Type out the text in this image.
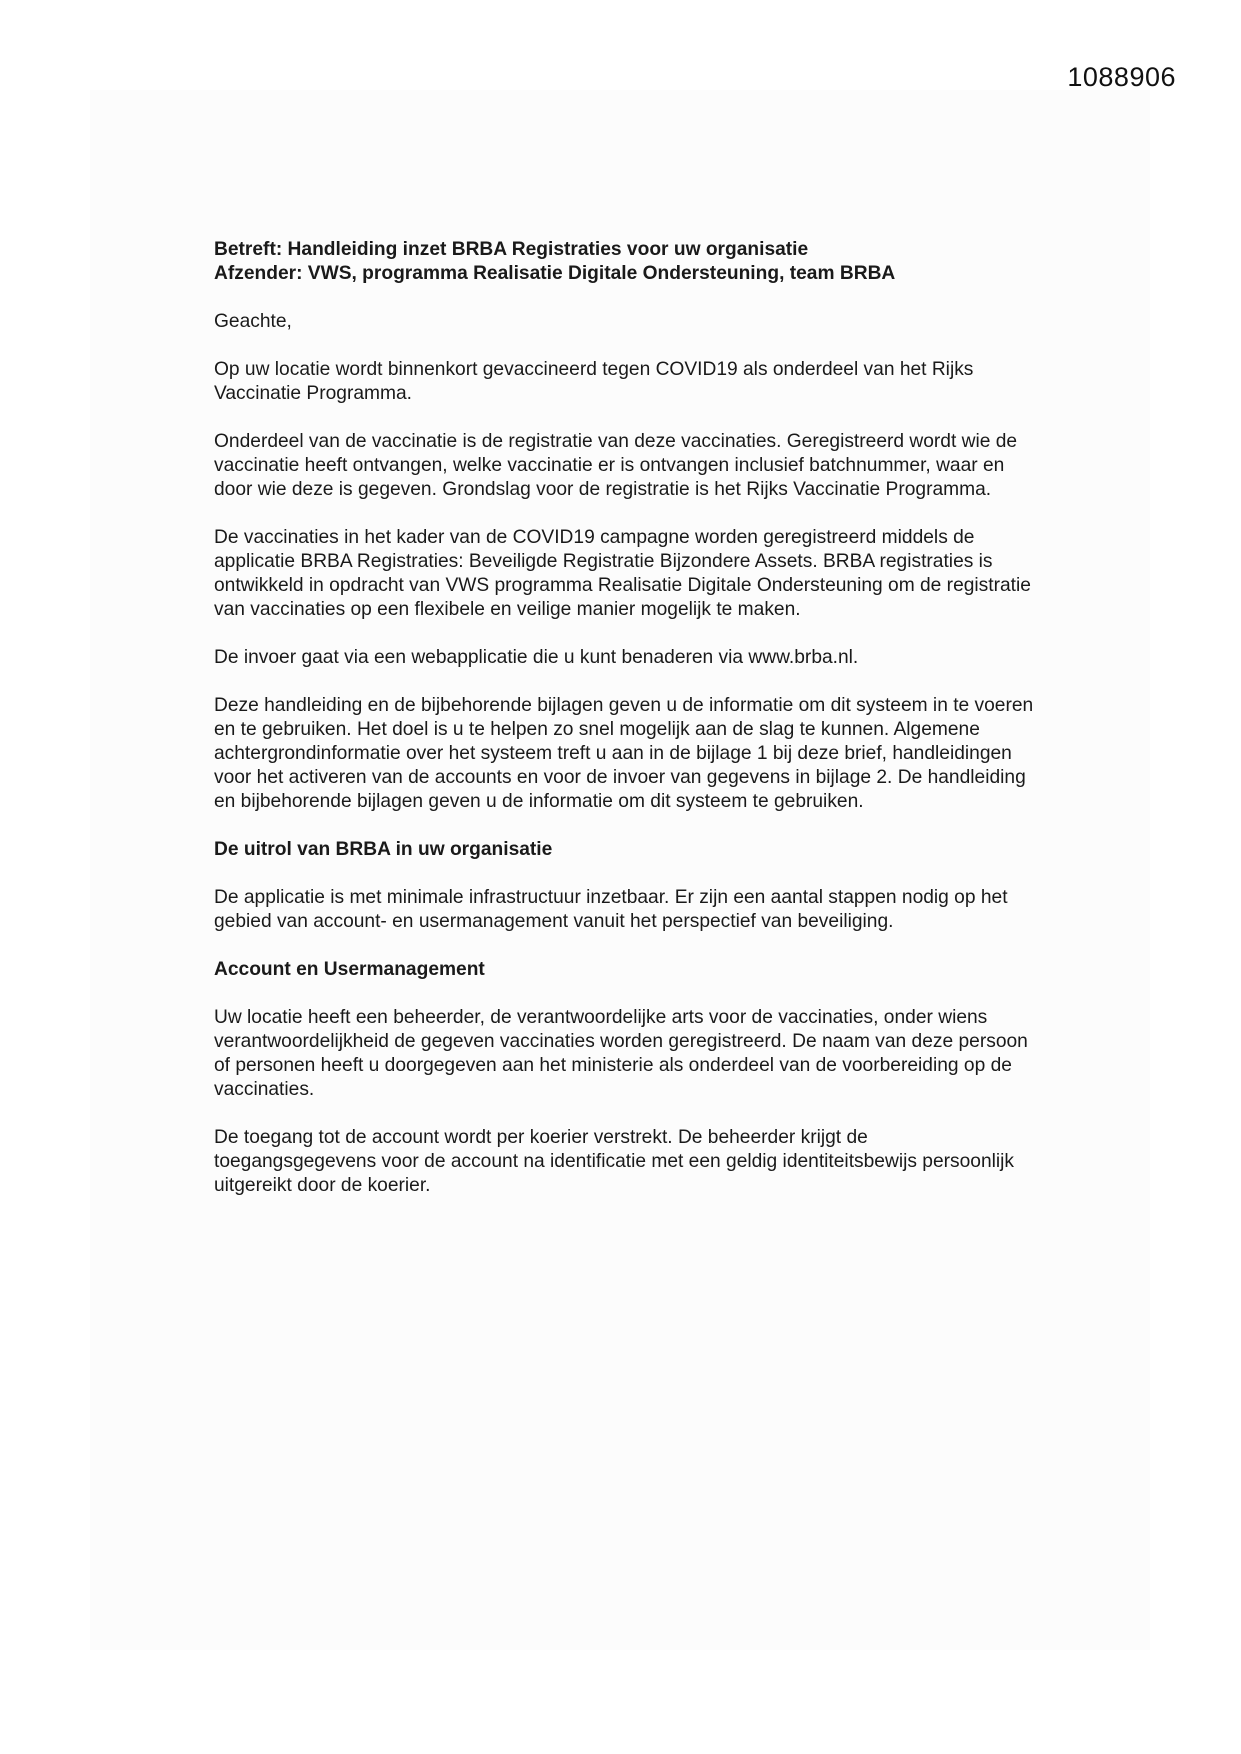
1088906
Betreft: Handleiding inzet BRBA Registraties voor uw organisatie
Afzender: VWS, programma Realisatie Digitale Ondersteuning, team BRBA

Geachte,

Op uw locatie wordt binnenkort gevaccineerd tegen COVID19 als onderdeel van het Rijks Vaccinatie Programma.

Onderdeel van de vaccinatie is de registratie van deze vaccinaties. Geregistreerd wordt wie de vaccinatie heeft ontvangen, welke vaccinatie er is ontvangen inclusief batchnummer, waar en door wie deze is gegeven. Grondslag voor de registratie is het Rijks Vaccinatie Programma.

De vaccinaties in het kader van de COVID19 campagne worden geregistreerd middels de applicatie BRBA Registraties: Beveiligde Registratie Bijzondere Assets. BRBA registraties is ontwikkeld in opdracht van VWS programma Realisatie Digitale Ondersteuning om de registratie van vaccinaties op een flexibele en veilige manier mogelijk te maken.

De invoer gaat via een webapplicatie die u kunt benaderen via www.brba.nl.

Deze handleiding en de bijbehorende bijlagen geven u de informatie om dit systeem in te voeren en te gebruiken. Het doel is u te helpen zo snel mogelijk aan de slag te kunnen. Algemene achtergrondinformatie over het systeem treft u aan in de bijlage 1 bij deze brief, handleidingen voor het activeren van de accounts en voor de invoer van gegevens in bijlage 2. De handleiding en bijbehorende bijlagen geven u de informatie om dit systeem te gebruiken.

De uitrol van BRBA in uw organisatie

De applicatie is met minimale infrastructuur inzetbaar. Er zijn een aantal stappen nodig op het gebied van account- en usermanagement vanuit het perspectief van beveiliging.

Account en Usermanagement

Uw locatie heeft een beheerder, de verantwoordelijke arts voor de vaccinaties, onder wiens verantwoordelijkheid de gegeven vaccinaties worden geregistreerd. De naam van deze persoon of personen heeft u doorgegeven aan het ministerie als onderdeel van de voorbereiding op de vaccinaties.

De toegang tot de account wordt per koerier verstrekt. De beheerder krijgt de toegangsgegevens voor de account na identificatie met een geldig identiteitsbewijs persoonlijk uitgereikt door de koerier.
